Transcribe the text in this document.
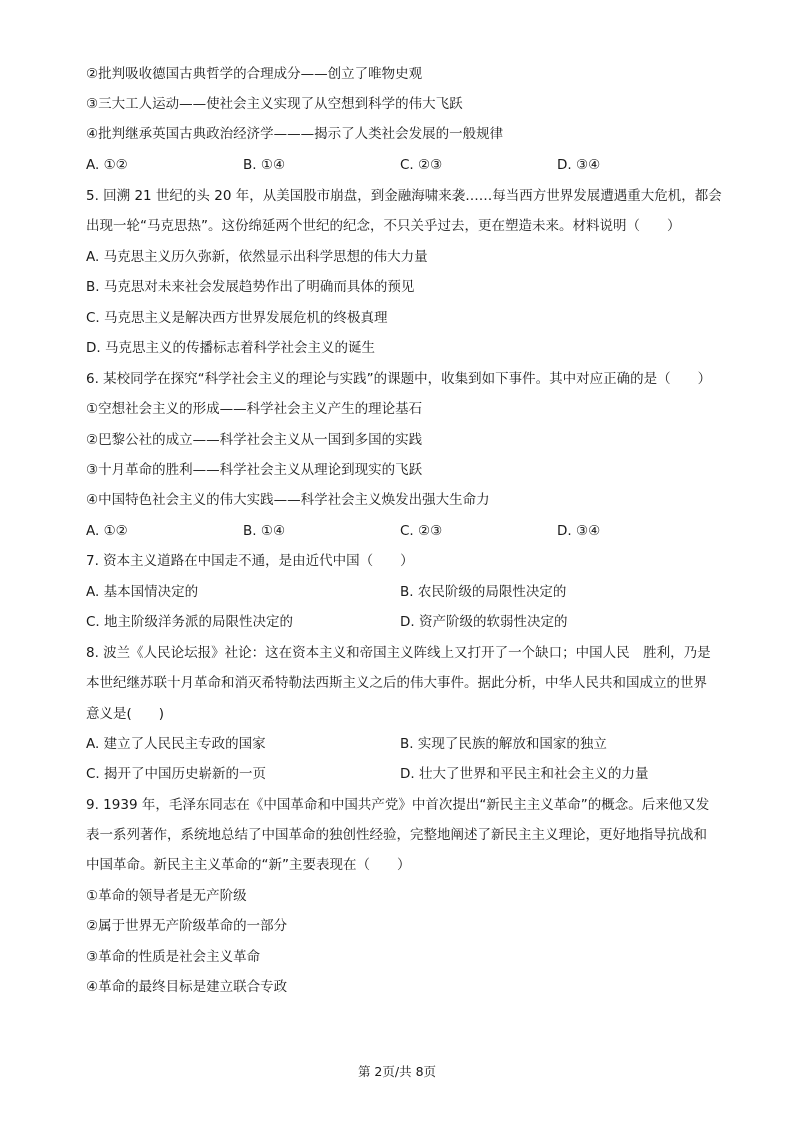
②批判吸收德国古典哲学的合理成分——创立了唯物史观
③三大工人运动——使社会主义实现了从空想到科学的伟大飞跃
④批判继承英国古典政治经济学———揭示了人类社会发展的一般规律
A. ①②	B. ①④	C. ②③	D. ③④
5. 回溯 21 世纪的头 20 年，从美国股市崩盘，到金融海啸来袭……每当西方世界发展遭遇重大危机，都会
出现一轮“马克思热”。这份绵延两个世纪的纪念，不只关乎过去，更在塑造未来。材料说明（　　）
A. 马克思主义历久弥新，依然显示出科学思想的伟大力量
B. 马克思对未来社会发展趋势作出了明确而具体的预见
C. 马克思主义是解决西方世界发展危机的终极真理
D. 马克思主义的传播标志着科学社会主义的诞生
6. 某校同学在探究“科学社会主义的理论与实践”的课题中，收集到如下事件。其中对应正确的是（　　）
①空想社会主义的形成——科学社会主义产生的理论基石
②巴黎公社的成立——科学社会主义从一国到多国的实践
③十月革命的胜利——科学社会主义从理论到现实的飞跃
④中国特色社会主义的伟大实践——科学社会主义焕发出强大生命力
A. ①②	B. ①④	C. ②③	D. ③④
7. 资本主义道路在中国走不通，是由近代中国（　　）
A. 基本国情决定的	B. 农民阶级的局限性决定的
C. 地主阶级洋务派的局限性决定的	D. 资产阶级的软弱性决定的
8. 波兰《人民论坛报》社论：这在资本主义和帝国主义阵线上又打开了一个缺口；中国人民　胜利，乃是
本世纪继苏联十月革命和消灭希特勒法西斯主义之后的伟大事件。据此分析，中华人民共和国成立的世界
意义是(　　)
A. 建立了人民民主专政的国家	B. 实现了民族的解放和国家的独立
C. 揭开了中国历史崭新的一页	D. 壮大了世界和平民主和社会主义的力量
9. 1939 年，毛泽东同志在《中国革命和中国共产党》中首次提出“新民主主义革命”的概念。后来他又发
表一系列著作，系统地总结了中国革命的独创性经验，完整地阐述了新民主主义理论，更好地指导抗战和
中国革命。新民主主义革命的“新”主要表现在（　　）
①革命的领导者是无产阶级
②属于世界无产阶级革命的一部分
③革命的性质是社会主义革命
④革命的最终目标是建立联合专政
第 2页/共 8页
